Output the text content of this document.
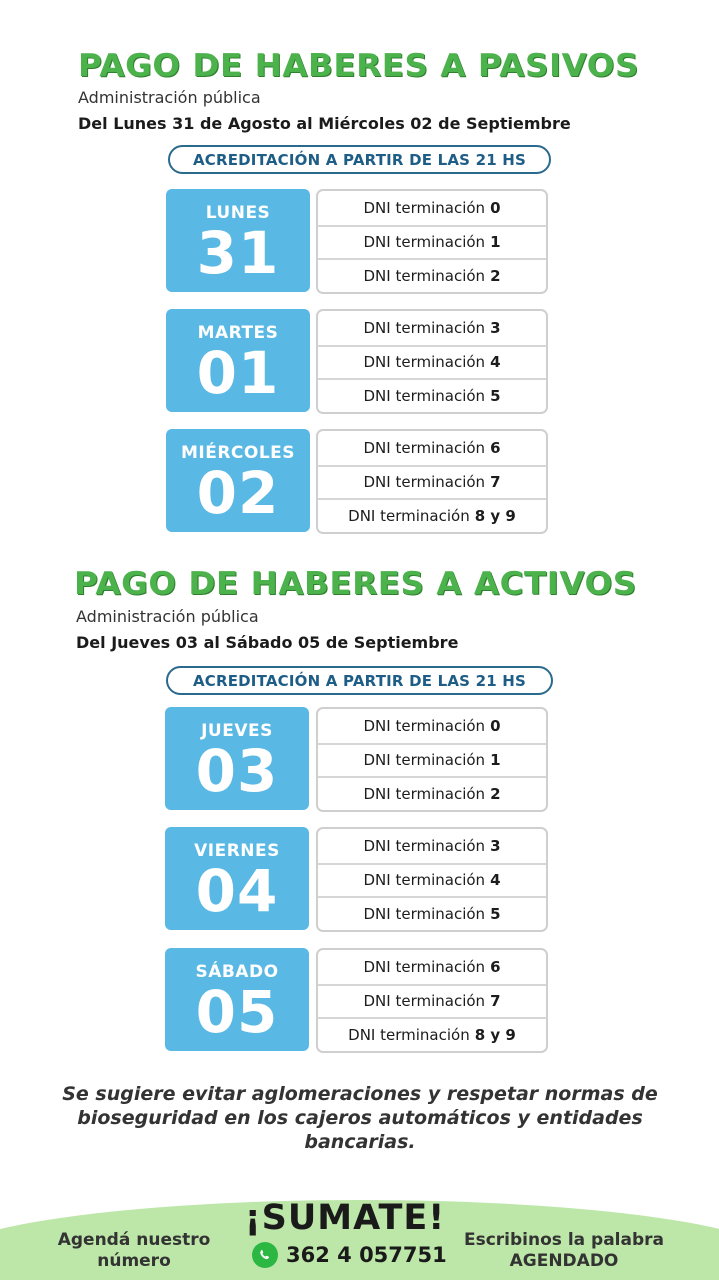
PAGO DE HABERES A PASIVOS
Administración pública
Del Lunes 31 de Agosto al Miércoles 02 de Septiembre
ACREDITACIÓN A PARTIR DE LAS 21 HS
LUNES
31
DNI terminación 0
DNI terminación 1
DNI terminación 2
MARTES
01
DNI terminación 3
DNI terminación 4
DNI terminación 5
MIÉRCOLES
02
DNI terminación 6
DNI terminación 7
DNI terminación 8 y 9
PAGO DE HABERES A ACTIVOS
Administración pública
Del Jueves 03 al Sábado 05 de Septiembre
ACREDITACIÓN A PARTIR DE LAS 21 HS
JUEVES
03
DNI terminación 0
DNI terminación 1
DNI terminación 2
VIERNES
04
DNI terminación 3
DNI terminación 4
DNI terminación 5
SÁBADO
05
DNI terminación 6
DNI terminación 7
DNI terminación 8 y 9
Se sugiere evitar aglomeraciones y respetar normas de bioseguridad en los cajeros automáticos y entidades bancarias.
Agendá nuestro número
¡SUMATE!
362 4 057751
Escribinos la palabra AGENDADO
